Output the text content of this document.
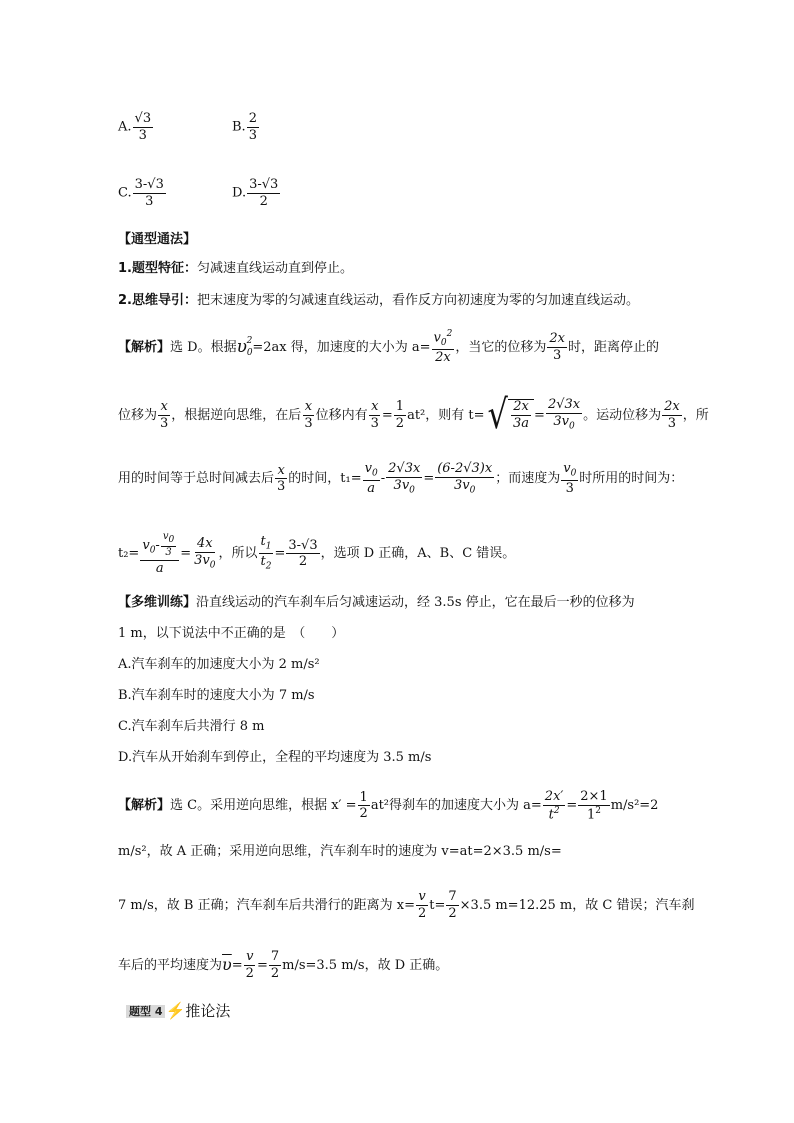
A. $\frac{√3}{3}$	B. $\frac{2}{3}$
C. $\frac{3-√3}{3}$	D. $\frac{3-√3}{2}$
【通型通法】
1.题型特征：匀减速直线运动直到停止。
2.思维导引：把末速度为零的匀减速直线运动，看作反方向初速度为零的匀加速直线运动。
【解析】 选 D。根据 $\upsilon_0^2 =2ax$ 得，加速度的大小为 $a= \frac{v_0^2}{2x}$ ，当它的位移为 $\frac{2x}{3}$ 时，距离停止的
位移为 $\frac{x}{3}$ ，根据逆向思维，在后 $\frac{x}{3}$ 位移内有 $\frac{x}{3} = \frac{1}{2} at^2$，则有 t= √ $\frac{2x}{3a} = \frac{2√3x}{3v_0}$ 。运动位移为 $\frac{2x}{3}$ ，所
用的时间等于总时间减去后 $\frac{x}{3}$ 的时间，$t_1= \frac{v_0}{a} - \frac{2√3x}{3v_0} = \frac{(6-2√3)x}{3v_0}$ ；而速度为 $\frac{v_0}{3}$ 时所用的时间为：
$t_2= \frac{v_0- \frac{v_0}{3}}{a} = \frac{4x}{3v_0}$ ，所以 $\frac{t_1}{t_2} = \frac{3-√3}{2}$ ，选项 D 正确，A、B、C 错误。
【多维训练】沿直线运动的汽车刹车后匀减速运动，经 3.5s 停止，它在最后一秒的位移为
1 m，以下说法中不正确的是　（　　）
A.汽车刹车的加速度大小为 2 m/s²
B.汽车刹车时的速度大小为 7 m/s
C.汽车刹车后共滑行 8 m
D.汽车从开始刹车到停止，全程的平均速度为 3.5 m/s
【解析】 选 C。采用逆向思维，根据 $x' = \frac{1}{2} at^2$得刹车的加速度大小为 $a= \frac{2x'}{t^2} = \frac{2\times 1}{1^2} m/s^2=2$
m/s²，故 A 正确；采用逆向思维，汽车刹车时的速度为 v=at=2×3.5 m/s=
7 m/s，故 B 正确；汽车刹车后共滑行的距离为 $x= \frac{v}{2} t= \frac{7}{2} \times 3.5$ m=12.25 m，故 C 错误；汽车刹
车后的平均速度为 $\overline{\upsilon} = \frac{v}{2} = \frac{7}{2} m/s=3.5$ m/s，故 D 正确。
题型 4 ⚡ 推论法
